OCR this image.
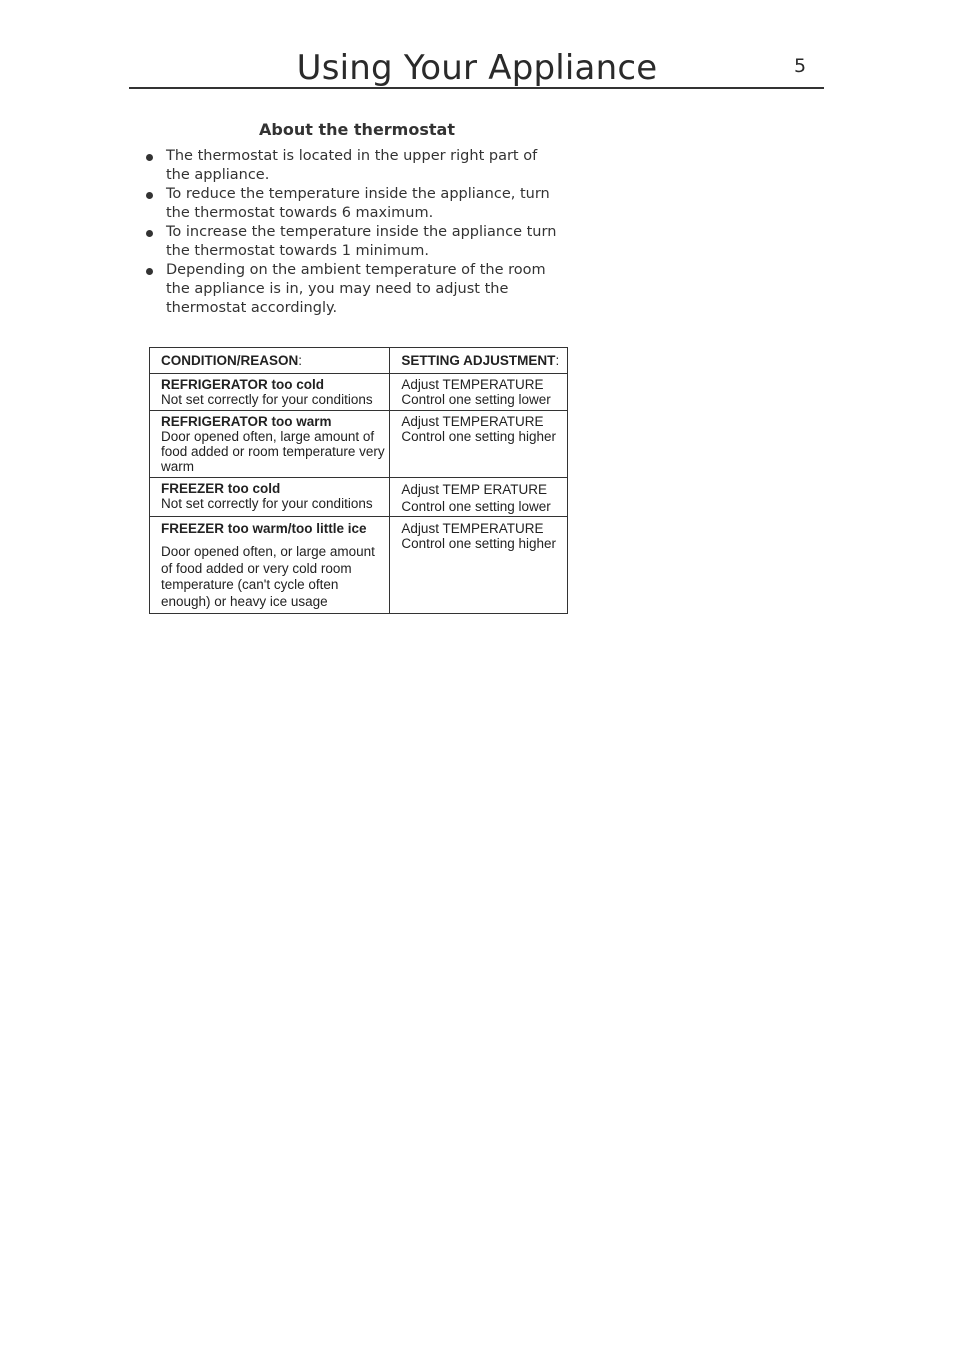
Using Your Appliance	5
About the thermostat
The thermostat is located in the upper right part of the appliance.
To reduce the temperature inside the appliance, turn the thermostat towards 6 maximum.
To increase the temperature inside the appliance turn the thermostat towards 1 minimum.
Depending on the ambient temperature of the room the appliance is in, you may need to adjust the thermostat accordingly.
CONDITION/REASON:	SETTING ADJUSTMENT:

REFRIGERATOR too cold
Not set correctly for your conditions	Adjust TEMPERATURE Control one setting lower

REFRIGERATOR too warm
Door opened often, large amount of food added or room temperature very warm	Adjust TEMPERATURE Control one setting higher

FREEZER too cold
Not set correctly for your conditions	Adjust TEMP ERATURE Control one setting lower

FREEZER too warm/too little ice
Door opened often, or large amount of food added or very cold room temperature (can't cycle often enough) or heavy ice usage	Adjust TEMPERATURE Control one setting higher
